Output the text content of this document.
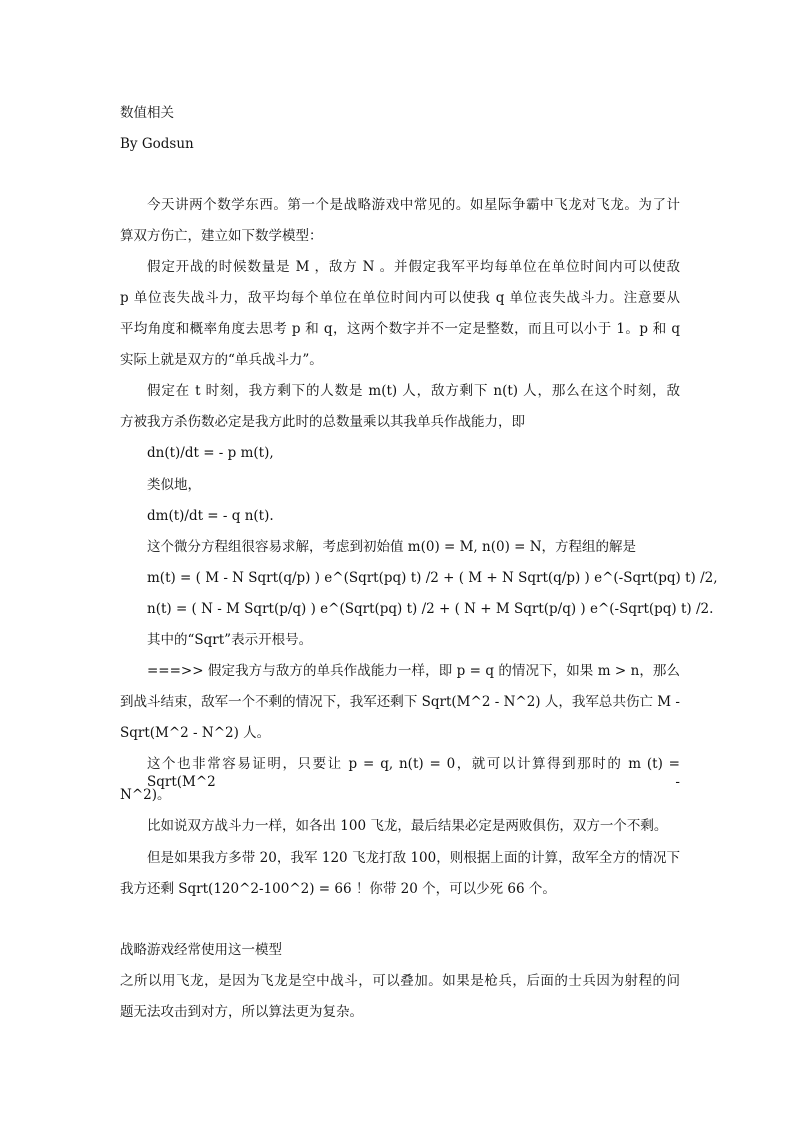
数值相关
By Godsun
今天讲两个数学东西。第一个是战略游戏中常见的。如星际争霸中飞龙对飞龙。为了计
算双方伤亡，建立如下数学模型：
假定开战的时候数量是 M ，敌方 N 。并假定我军平均每单位在单位时间内可以使敌
p 单位丧失战斗力，敌平均每个单位在单位时间内可以使我 q 单位丧失战斗力。注意要从
平均角度和概率角度去思考 p 和 q，这两个数字并不一定是整数，而且可以小于 1。p 和 q
实际上就是双方的“单兵战斗力”。
假定在 t 时刻，我方剩下的人数是 m(t) 人，敌方剩下 n(t) 人，那么在这个时刻，敌
方被我方杀伤数必定是我方此时的总数量乘以其我单兵作战能力，即
dn(t)/dt = - p m(t),
类似地，
dm(t)/dt = - q n(t).
这个微分方程组很容易求解，考虑到初始值 m(0) = M, n(0) = N，方程组的解是
m(t) = ( M - N Sqrt(q/p) ) e^(Sqrt(pq) t) /2 + ( M + N Sqrt(q/p) ) e^(-Sqrt(pq) t) /2,
n(t) = ( N - M Sqrt(p/q) ) e^(Sqrt(pq) t) /2 + ( N + M Sqrt(p/q) ) e^(-Sqrt(pq) t) /2.
其中的“Sqrt”表示开根号。
===>> 假定我方与敌方的单兵作战能力一样，即 p = q 的情况下，如果 m > n，那么
到战斗结束，敌军一个不剩的情况下，我军还剩下 Sqrt(M^2 - N^2) 人，我军总共伤亡 M -
Sqrt(M^2 - N^2) 人。
这个也非常容易证明，只要让 p = q, n(t) = 0，就可以计算得到那时的 m (t) = Sqrt(M^2 -
N^2)。
比如说双方战斗力一样，如各出 100 飞龙，最后结果必定是两败俱伤，双方一个不剩。
但是如果我方多带 20，我军 120 飞龙打敌 100，则根据上面的计算，敌军全方的情况下
我方还剩 Sqrt(120^2-100^2) = 66 ！你带 20 个，可以少死 66 个。
战略游戏经常使用这一模型
之所以用飞龙，是因为飞龙是空中战斗，可以叠加。如果是枪兵，后面的士兵因为射程的问
题无法攻击到对方，所以算法更为复杂。
